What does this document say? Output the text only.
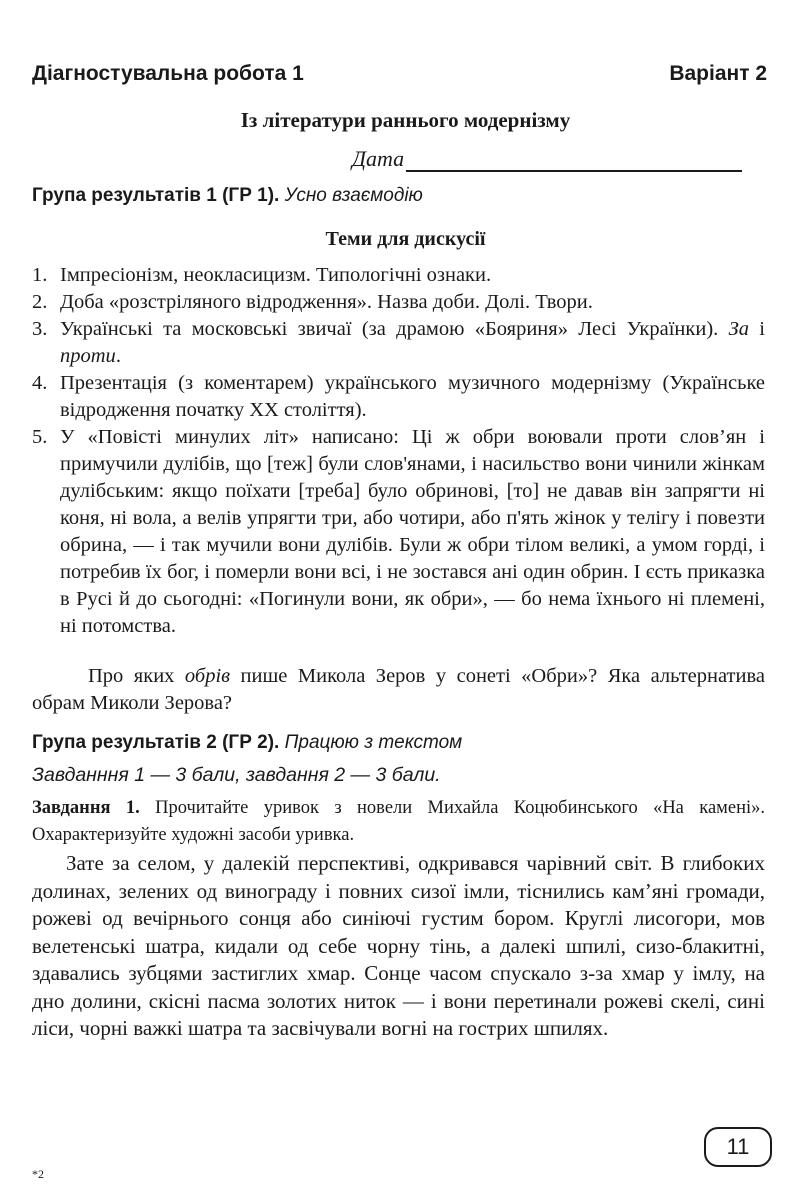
Діагностувальна робота 1	Варіант 2
Із літератури раннього модернізму
Дата
Група результатів 1 (ГР 1). Усно взаємодію
Теми для дискусії
1. Імпресіонізм, неокласицизм. Типологічні ознаки.
2. Доба «розстріляного відродження». Назва доби. Долі. Твори.
3. Українські та московські звичаї (за драмою «Бояриня» Лесі Українки). За і проти.
4. Презентація (з коментарем) українського музичного модернізму (Українське відродження початку XX століття).
5. У «Повісті минулих літ» написано: Ці ж обри воювали проти слов’ян і примучили дулібів, що [теж] були слов'янами, і насильство вони чинили жінкам дулібським: якщо поїхати [треба] було обринові, [то] не давав він запрягти ні коня, ні вола, а велів упрягти три, або чотири, або п'ять жінок у телігу і повезти обрина, — і так мучили вони дулібів. Були ж обри тілом великі, а умом горді, і потребив їх бог, і померли вони всі, і не зостався ані один обрин. І єсть приказка в Русі й до сьогодні: «Погинули вони, як обри», — бо нема їхнього ні племені, ні потомства.
Про яких обрів пише Микола Зеров у сонеті «Обри»? Яка альтернатива обрам Миколи Зерова?
Група результатів 2 (ГР 2). Працюю з текстом
Завданння 1 — 3 бали, завдання 2 — 3 бали.
Завдання 1. Прочитайте уривок з новели Михайла Коцюбинського «На камені». Охарактеризуйте художні засоби уривка.
Зате за селом, у далекій перспективі, одкривався чарівний світ. В глибоких долинах, зелених од винограду і повних сизої імли, тіснились кам’яні громади, рожеві од вечірнього сонця або синіючі густим бором. Круглі лисогори, мов велетенські шатра, кидали од себе чорну тінь, а далекі шпилі, сизо-блакитні, здавались зубцями застиглих хмар. Сонце часом спускало з-за хмар у імлу, на дно долини, скісні пасма золотих ниток — і вони перетинали рожеві скелі, сині ліси, чорні важкі шатра та засвічували вогні на гострих шпилях.
*2
11
